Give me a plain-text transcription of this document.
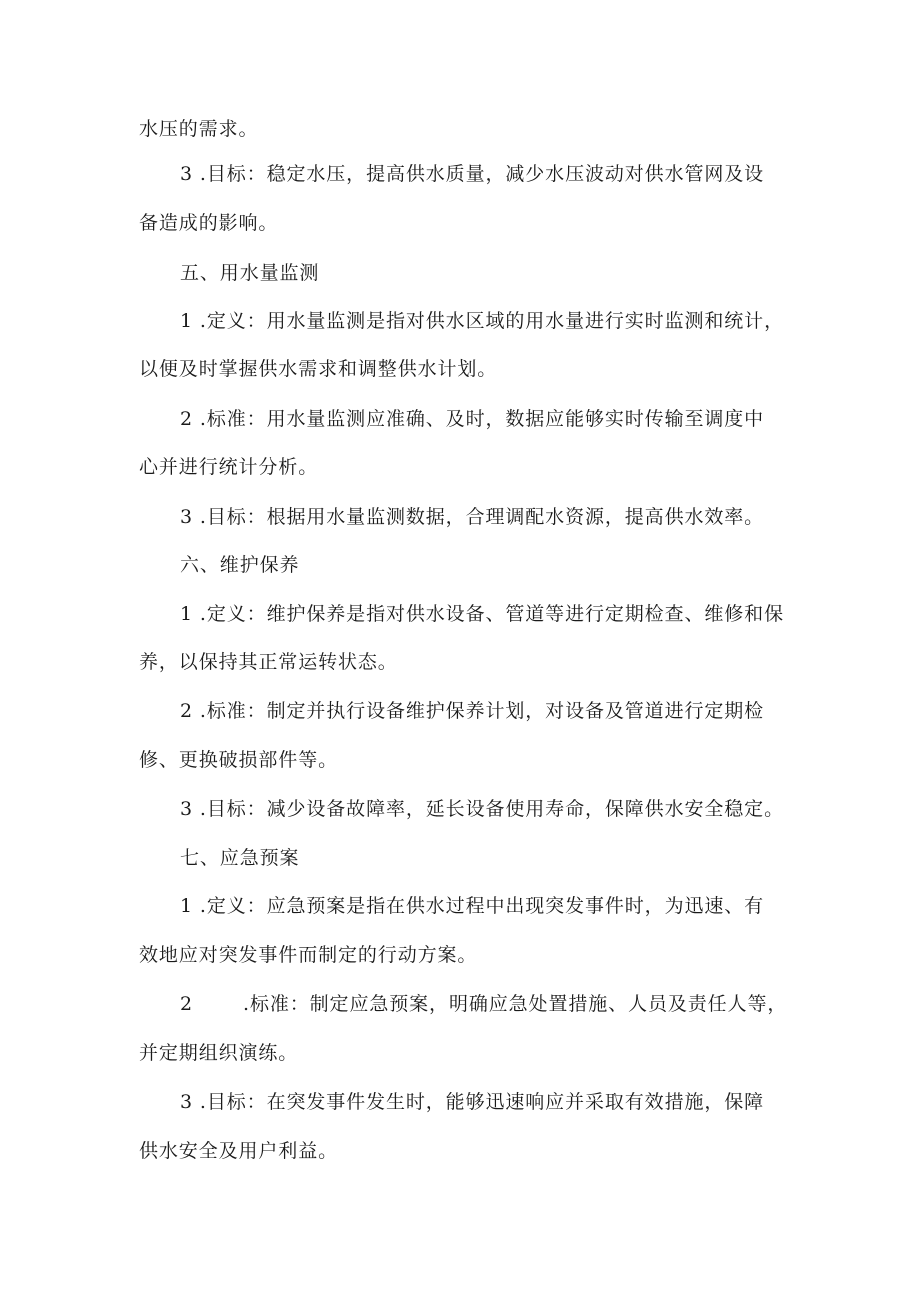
水压的需求。
3 .目标：稳定水压，提高供水质量，减少水压波动对供水管网及设
备造成的影响。
五、用水量监测
1 .定义：用水量监测是指对供水区域的用水量进行实时监测和统计，
以便及时掌握供水需求和调整供水计划。
2 .标准：用水量监测应准确、及时，数据应能够实时传输至调度中
心并进行统计分析。
3 .目标：根据用水量监测数据，合理调配水资源，提高供水效率。
六、维护保养
1 .定义：维护保养是指对供水设备、管道等进行定期检查、维修和保
养，以保持其正常运转状态。
2 .标准：制定并执行设备维护保养计划，对设备及管道进行定期检
修、更换破损部件等。
3 .目标：减少设备故障率，延长设备使用寿命，保障供水安全稳定。
七、应急预案
1 .定义：应急预案是指在供水过程中出现突发事件时，为迅速、有
效地应对突发事件而制定的行动方案。
2	.标准：制定应急预案，明确应急处置措施、人员及责任人等，
并定期组织演练。
3 .目标：在突发事件发生时，能够迅速响应并采取有效措施，保障
供水安全及用户利益。
